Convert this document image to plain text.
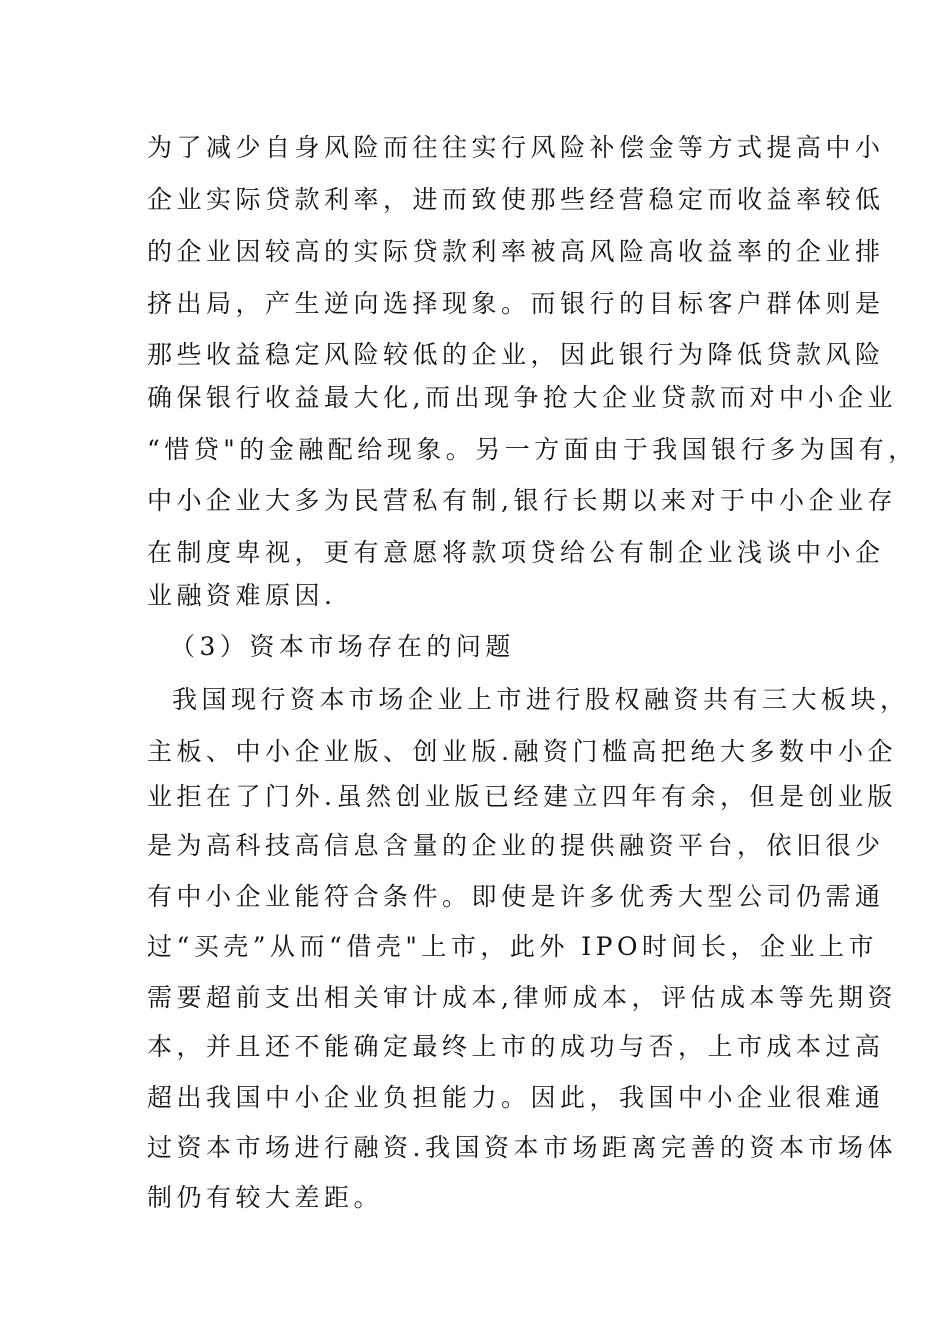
为了减少自身风险而往往实行风险补偿金等方式提高中小
企业实际贷款利率，进而致使那些经营稳定而收益率较低
的企业因较高的实际贷款利率被高风险高收益率的企业排
挤出局，产生逆向选择现象。而银行的目标客户群体则是
那些收益稳定风险较低的企业，因此银行为降低贷款风险
确保银行收益最大化,而出现争抢大企业贷款而对中小企业
“惜贷"的金融配给现象。另一方面由于我国银行多为国有，
中小企业大多为民营私有制,银行长期以来对于中小企业存
在制度卑视，更有意愿将款项贷给公有制企业浅谈中小企
业融资难原因.
（3）资本市场存在的问题
我国现行资本市场企业上市进行股权融资共有三大板块，
主板、中小企业版、创业版.融资门槛高把绝大多数中小企
业拒在了门外.虽然创业版已经建立四年有余，但是创业版
是为高科技高信息含量的企业的提供融资平台，依旧很少
有中小企业能符合条件。即使是许多优秀大型公司仍需通
过“买壳”从而“借壳"上市，此外 IPO时间长，企业上市
需要超前支出相关审计成本,律师成本，评估成本等先期资
本，并且还不能确定最终上市的成功与否，上市成本过高
超出我国中小企业负担能力。因此，我国中小企业很难通
过资本市场进行融资.我国资本市场距离完善的资本市场体
制仍有较大差距。
